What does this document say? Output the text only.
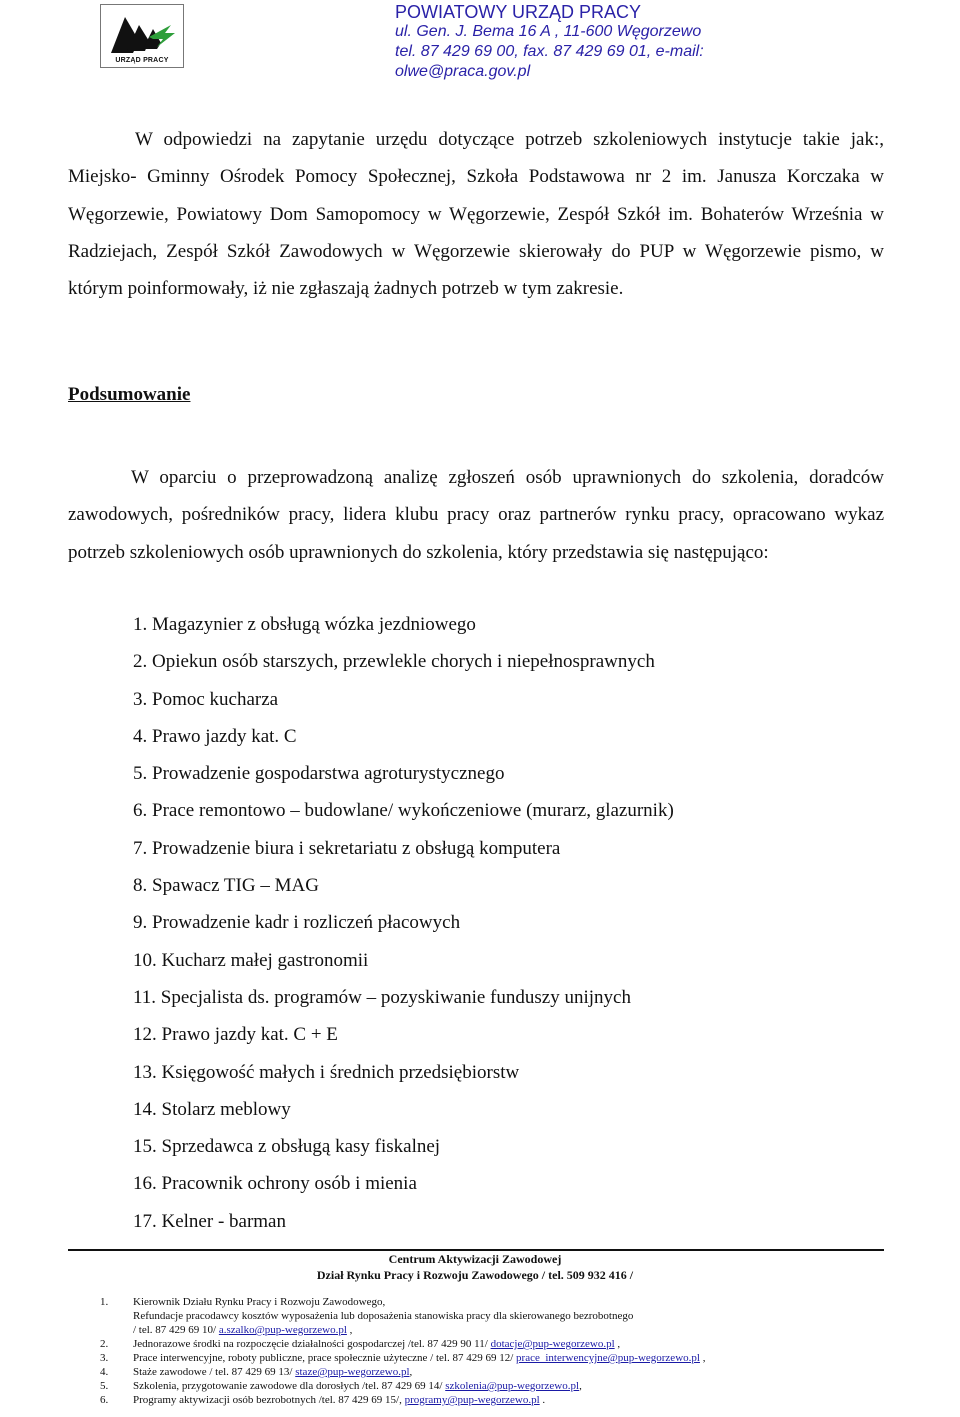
URZĄD PRACY
POWIATOWY URZĄD PRACY
ul. Gen. J. Bema 16 A , 11-600 Węgorzewo
tel. 87 429 69 00, fax. 87 429 69 01, e-mail: olwe@praca.gov.pl
W odpowiedzi na zapytanie urzędu dotyczące potrzeb szkoleniowych instytucje takie jak:, Miejsko- Gminny Ośrodek Pomocy Społecznej, Szkoła Podstawowa nr 2 im. Janusza Korczaka w Węgorzewie, Powiatowy Dom Samopomocy w Węgorzewie, Zespół Szkół im. Bohaterów Września w Radziejach, Zespół Szkół Zawodowych w Węgorzewie skierowały do PUP w Węgorzewie pismo, w którym poinformowały, iż nie zgłaszają żadnych potrzeb w tym zakresie.
Podsumowanie
W oparciu o przeprowadzoną analizę zgłoszeń osób uprawnionych do szkolenia, doradców zawodowych, pośredników pracy, lidera klubu pracy oraz partnerów rynku pracy, opracowano wykaz potrzeb szkoleniowych osób uprawnionych do szkolenia, który przedstawia się następująco:
1. Magazynier z obsługą wózka jezdniowego
2. Opiekun osób starszych, przewlekle chorych i niepełnosprawnych
3. Pomoc kucharza
4. Prawo jazdy kat. C
5. Prowadzenie gospodarstwa agroturystycznego
6. Prace remontowo – budowlane/ wykończeniowe (murarz, glazurnik)
7. Prowadzenie biura i sekretariatu z obsługą komputera
8. Spawacz TIG – MAG
9. Prowadzenie kadr i rozliczeń płacowych
10. Kucharz małej gastronomii
11. Specjalista ds. programów – pozyskiwanie funduszy unijnych
12. Prawo jazdy kat. C + E
13. Księgowość małych i średnich przedsiębiorstw
14. Stolarz meblowy
15. Sprzedawca z obsługą kasy fiskalnej
16. Pracownik ochrony osób i mienia
17. Kelner - barman
Centrum Aktywizacji Zawodowej
Dział Rynku Pracy i Rozwoju Zawodowego / tel. 509 932 416 /
1.	Kierownik Działu Rynku Pracy i Rozwoju Zawodowego,
Refundacje pracodawcy kosztów wyposażenia lub doposażenia stanowiska pracy dla skierowanego bezrobotnego
/ tel. 87 429 69 10/ a.szalko@pup-wegorzewo.pl ,
2.	Jednorazowe środki na rozpoczęcie działalności gospodarczej /tel. 87 429 90 11/ dotacje@pup-wegorzewo.pl ,
3.	Prace interwencyjne, roboty publiczne, prace społecznie użyteczne / tel. 87 429 69 12/ prace_interwencyjne@pup-wegorzewo.pl ,
4.	Staże zawodowe / tel. 87 429 69 13/ staze@pup-wegorzewo.pl,
5.	Szkolenia, przygotowanie zawodowe dla dorosłych /tel. 87 429 69 14/ szkolenia@pup-wegorzewo.pl,
6.	Programy aktywizacji osób bezrobotnych /tel. 87 429 69 15/, programy@pup-wegorzewo.pl .
